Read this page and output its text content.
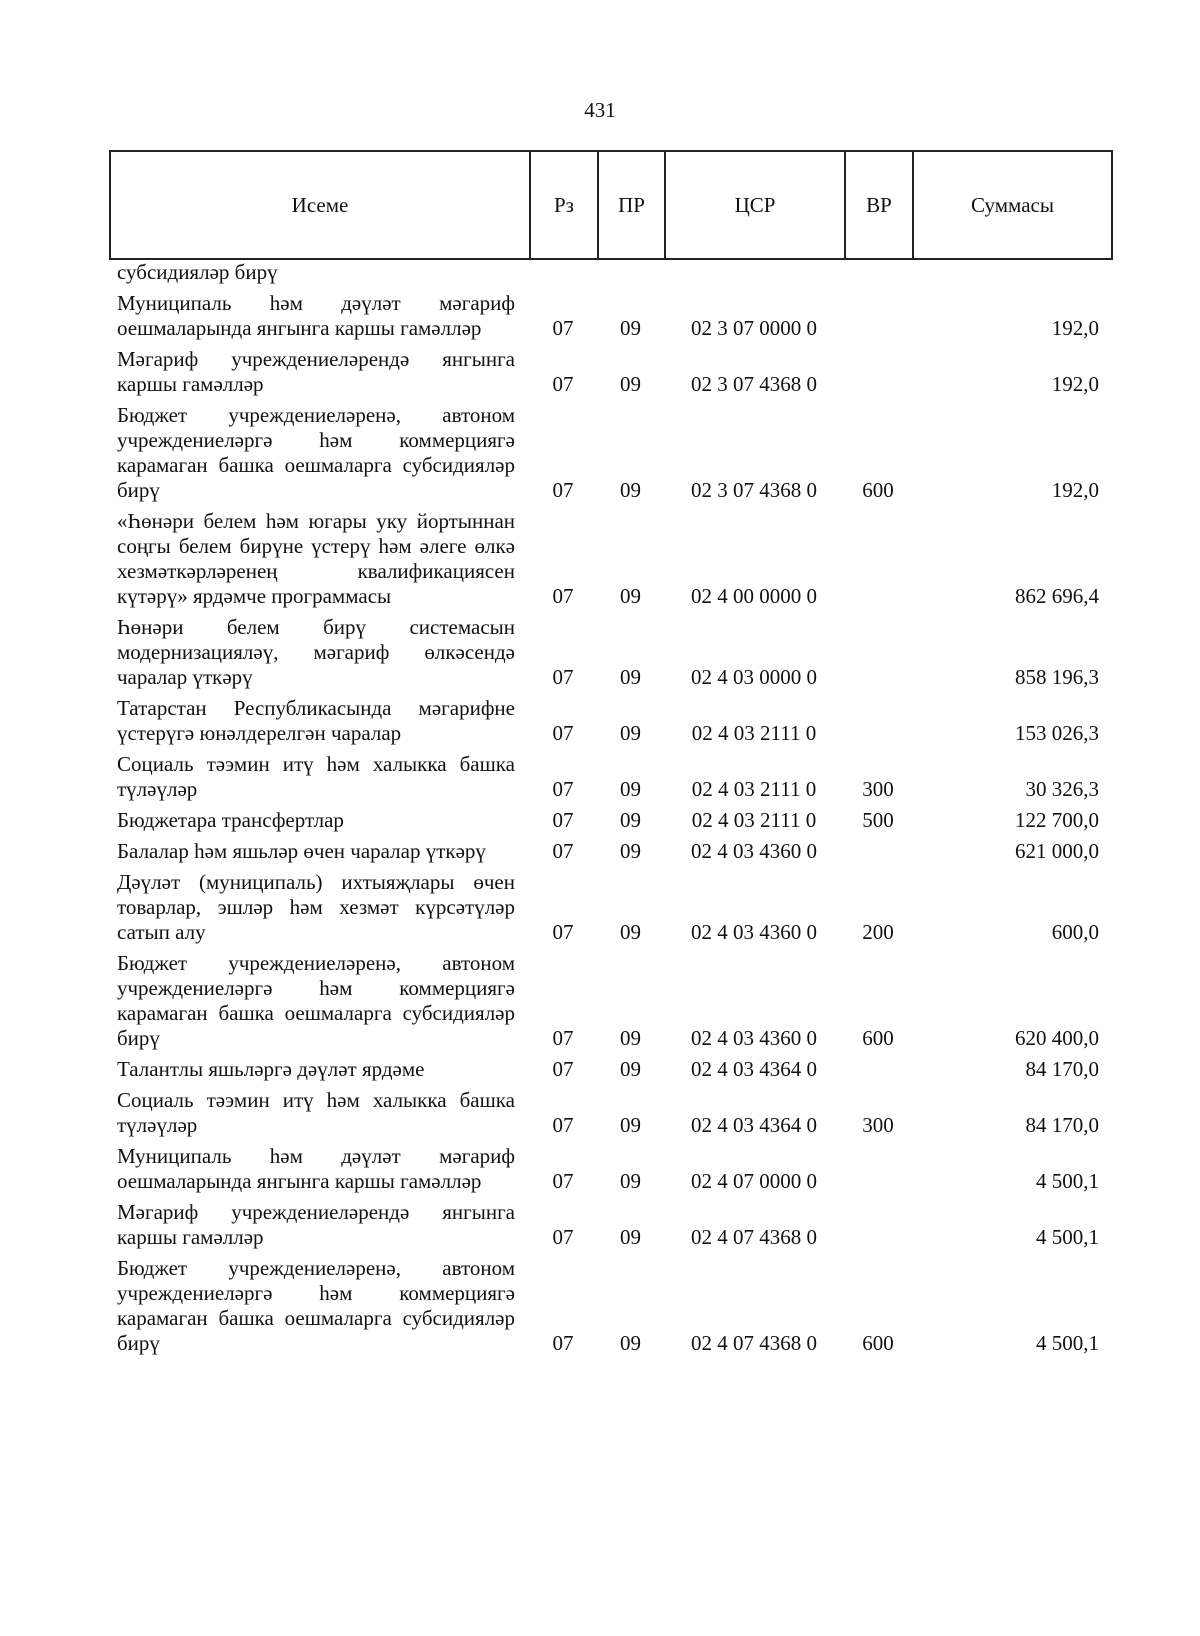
431
Исеме	Рз	ПР	ЦСР	ВР	Суммасы
субсидияләр бирү					

Муниципаль һәм дәүләт мәгариф оешмаларында янгынга каршы гамәлләр	07	09	02 3 07 0000 0		192,0

Мәгариф учреждениеләрендә янгынга каршы гамәлләр	07	09	02 3 07 4368 0		192,0

Бюджет учреждениеләренә, автоном учреждениеләргә һәм коммерциягә карамаган башка оешмаларга субсидияләр бирү	07	09	02 3 07 4368 0	600	192,0

«Һөнәри белем һәм югары уку йортыннан соңгы белем бирүне үстерү һәм әлеге өлкә хезмәткәрләренең квалификациясен күтәрү» ярдәмче программасы	07	09	02 4 00 0000 0		862 696,4

Һөнәри белем бирү системасын модернизацияләү, мәгариф өлкәсендә чаралар үткәрү	07	09	02 4 03 0000 0		858 196,3

Татарстан Республикасында мәгарифне үстерүгә юнәлдерелгән чаралар	07	09	02 4 03 2111 0		153 026,3

Социаль тәэмин итү һәм халыкка башка түләүләр	07	09	02 4 03 2111 0	300	30 326,3

Бюджетара трансфертлар	07	09	02 4 03 2111 0	500	122 700,0

Балалар һәм яшьләр өчен чаралар үткәрү	07	09	02 4 03 4360 0		621 000,0

Дәүләт (муниципаль) ихтыяҗлары өчен товарлар, эшләр һәм хезмәт күрсәтүләр сатып алу	07	09	02 4 03 4360 0	200	600,0

Бюджет учреждениеләренә, автоном учреждениеләргә һәм коммерциягә карамаган башка оешмаларга субсидияләр бирү	07	09	02 4 03 4360 0	600	620 400,0

Талантлы яшьләргә дәүләт ярдәме	07	09	02 4 03 4364 0		84 170,0

Социаль тәэмин итү һәм халыкка башка түләүләр	07	09	02 4 03 4364 0	300	84 170,0

Муниципаль һәм дәүләт мәгариф оешмаларында янгынга каршы гамәлләр	07	09	02 4 07 0000 0		4 500,1

Мәгариф учреждениеләрендә янгынга каршы гамәлләр	07	09	02 4 07 4368 0		4 500,1

Бюджет учреждениеләренә, автоном учреждениеләргә һәм коммерциягә карамаган башка оешмаларга субсидияләр бирү	07	09	02 4 07 4368 0	600	4 500,1
